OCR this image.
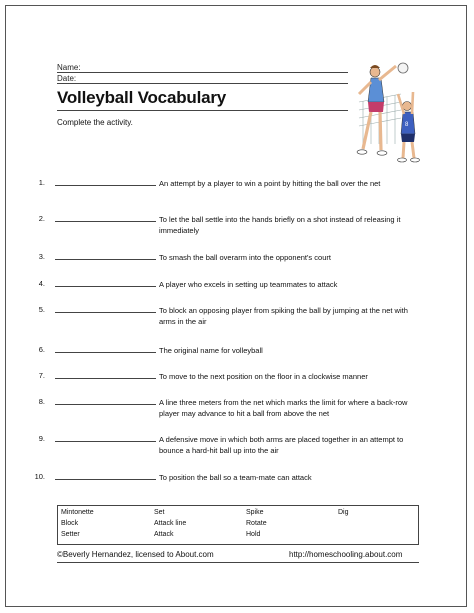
Name:
Date:
Volleyball Vocabulary
Complete the activity.	8
1.	An attempt by a player to win a point by hitting the ball over the net
2.	To let the ball settle into the hands briefly on a shot instead of releasing it immediately
3.	To smash the ball overarm into the opponent's court
4.	A player who excels in setting up teammates to attack
5.	To block an opposing player from spiking the ball by jumping at the net with arms in the air
6.	The original name for volleyball
7.	To move to the next position on the floor in a clockwise manner
8.	A line three meters from the net which marks the limit for where a back-row player may advance to hit a ball from above the net
9.	A defensive move in which both arms are placed together in an attempt to bounce a hard-hit ball up into the air
10.	To position the ball so a team-mate can attack
Mintonette	Set	Spike	Dig
Block	Attack line	Rotate
Setter	Attack	Hold
©Beverly Hernandez, licensed to About.com	http://homeschooling.about.com
